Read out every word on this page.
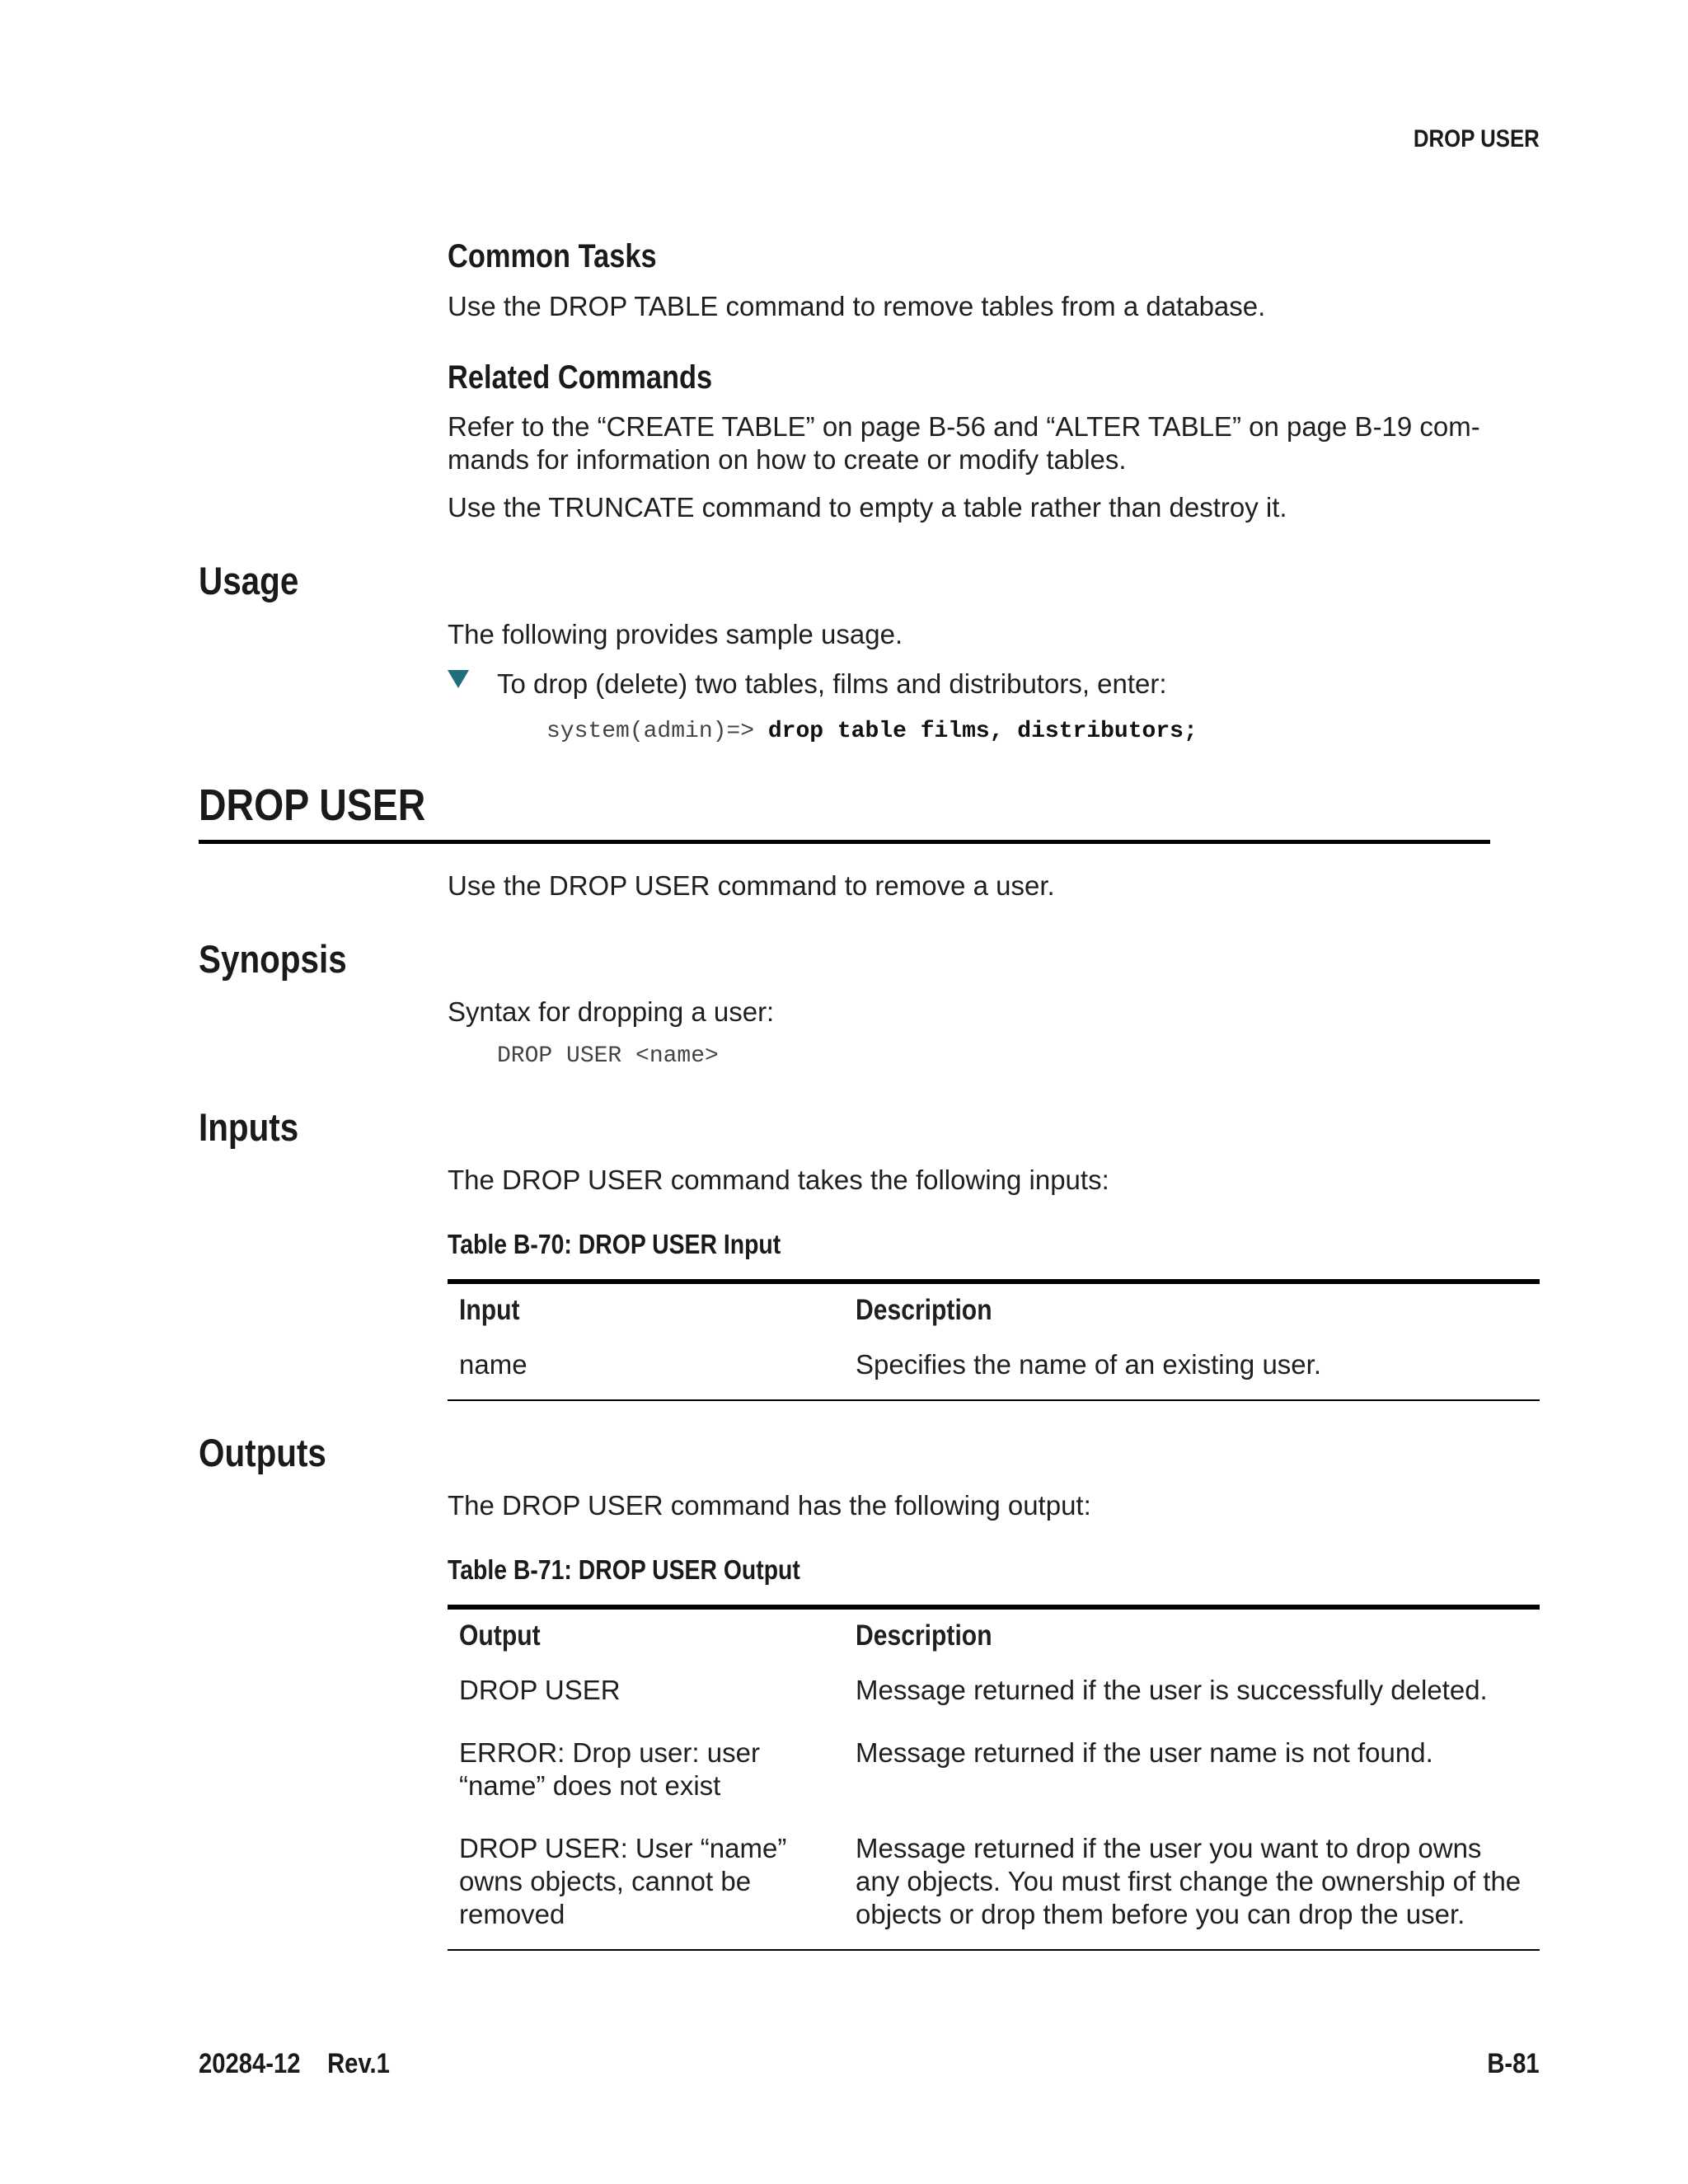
DROP USER
Common Tasks
Use the DROP TABLE command to remove tables from a database.
Related Commands
Refer to the “CREATE TABLE” on page B-56 and “ALTER TABLE” on page B-19 com-
mands for information on how to create or modify tables.
Use the TRUNCATE command to empty a table rather than destroy it.
Usage
The following provides sample usage.
To drop (delete) two tables, films and distributors, enter:
system(admin)=> drop table films, distributors;
DROP USER
Use the DROP USER command to remove a user.
Synopsis
Syntax for dropping a user:
DROP USER <name>
Inputs
The DROP USER command takes the following inputs:
Table B-70: DROP USER Input
Input	Description
name	Specifies the name of an existing user.
Outputs
The DROP USER command has the following output:
Table B-71: DROP USER Output
Output	Description
DROP USER	Message returned if the user is successfully deleted.
ERROR: Drop user: user “name” does not exist	Message returned if the user name is not found.
DROP USER: User “name” owns objects, cannot be removed	Message returned if the user you want to drop owns any objects. You must first change the ownership of the objects or drop them before you can drop the user.
20284-12    Rev.1	B-81
